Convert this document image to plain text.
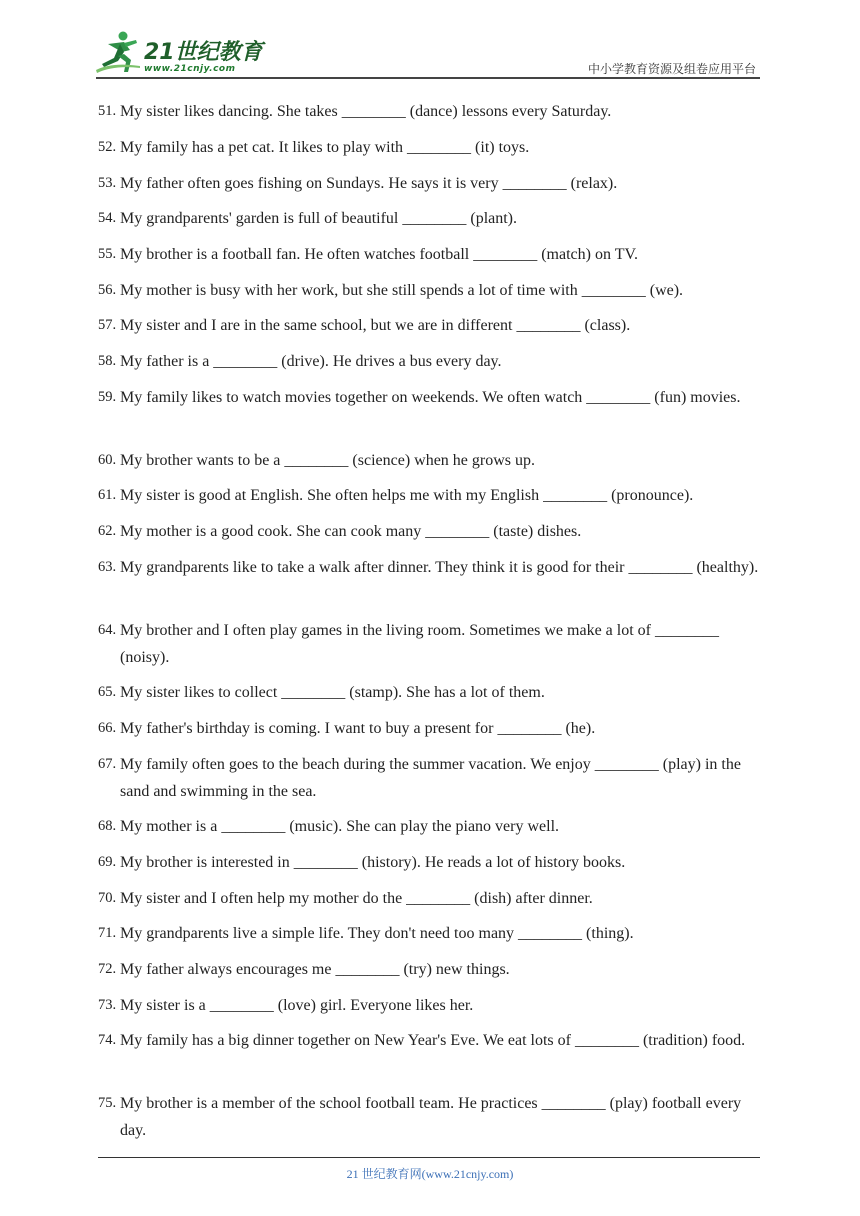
21世纪教育
www.21cnjy.com	中小学教育资源及组卷应用平台
51. My sister likes dancing. She takes ________ (dance) lessons every Saturday.
52. My family has a pet cat. It likes to play with ________ (it) toys.
53. My father often goes fishing on Sundays. He says it is very ________ (relax).
54. My grandparents' garden is full of beautiful ________ (plant).
55. My brother is a football fan. He often watches football ________ (match) on TV.
56. My mother is busy with her work, but she still spends a lot of time with ________ (we).
57. My sister and I are in the same school, but we are in different ________ (class).
58. My father is a ________ (drive). He drives a bus every day.
59. My family likes to watch movies together on weekends. We often watch ________ (fun) movies.
60. My brother wants to be a ________ (science) when he grows up.
61. My sister is good at English. She often helps me with my English ________ (pronounce).
62. My mother is a good cook. She can cook many ________ (taste) dishes.
63. My grandparents like to take a walk after dinner. They think it is good for their ________ (healthy).
64. My brother and I often play games in the living room. Sometimes we make a lot of ________ (noisy).
65. My sister likes to collect ________ (stamp). She has a lot of them.
66. My father's birthday is coming. I want to buy a present for ________ (he).
67. My family often goes to the beach during the summer vacation. We enjoy ________ (play) in the sand and swimming in the sea.
68. My mother is a ________ (music). She can play the piano very well.
69. My brother is interested in ________ (history). He reads a lot of history books.
70. My sister and I often help my mother do the ________ (dish) after dinner.
71. My grandparents live a simple life. They don't need too many ________ (thing).
72. My father always encourages me ________ (try) new things.
73. My sister is a ________ (love) girl. Everyone likes her.
74. My family has a big dinner together on New Year's Eve. We eat lots of ________ (tradition) food.
75. My brother is a member of the school football team. He practices ________ (play) football every day.
21 世纪教育网(www.21cnjy.com)
